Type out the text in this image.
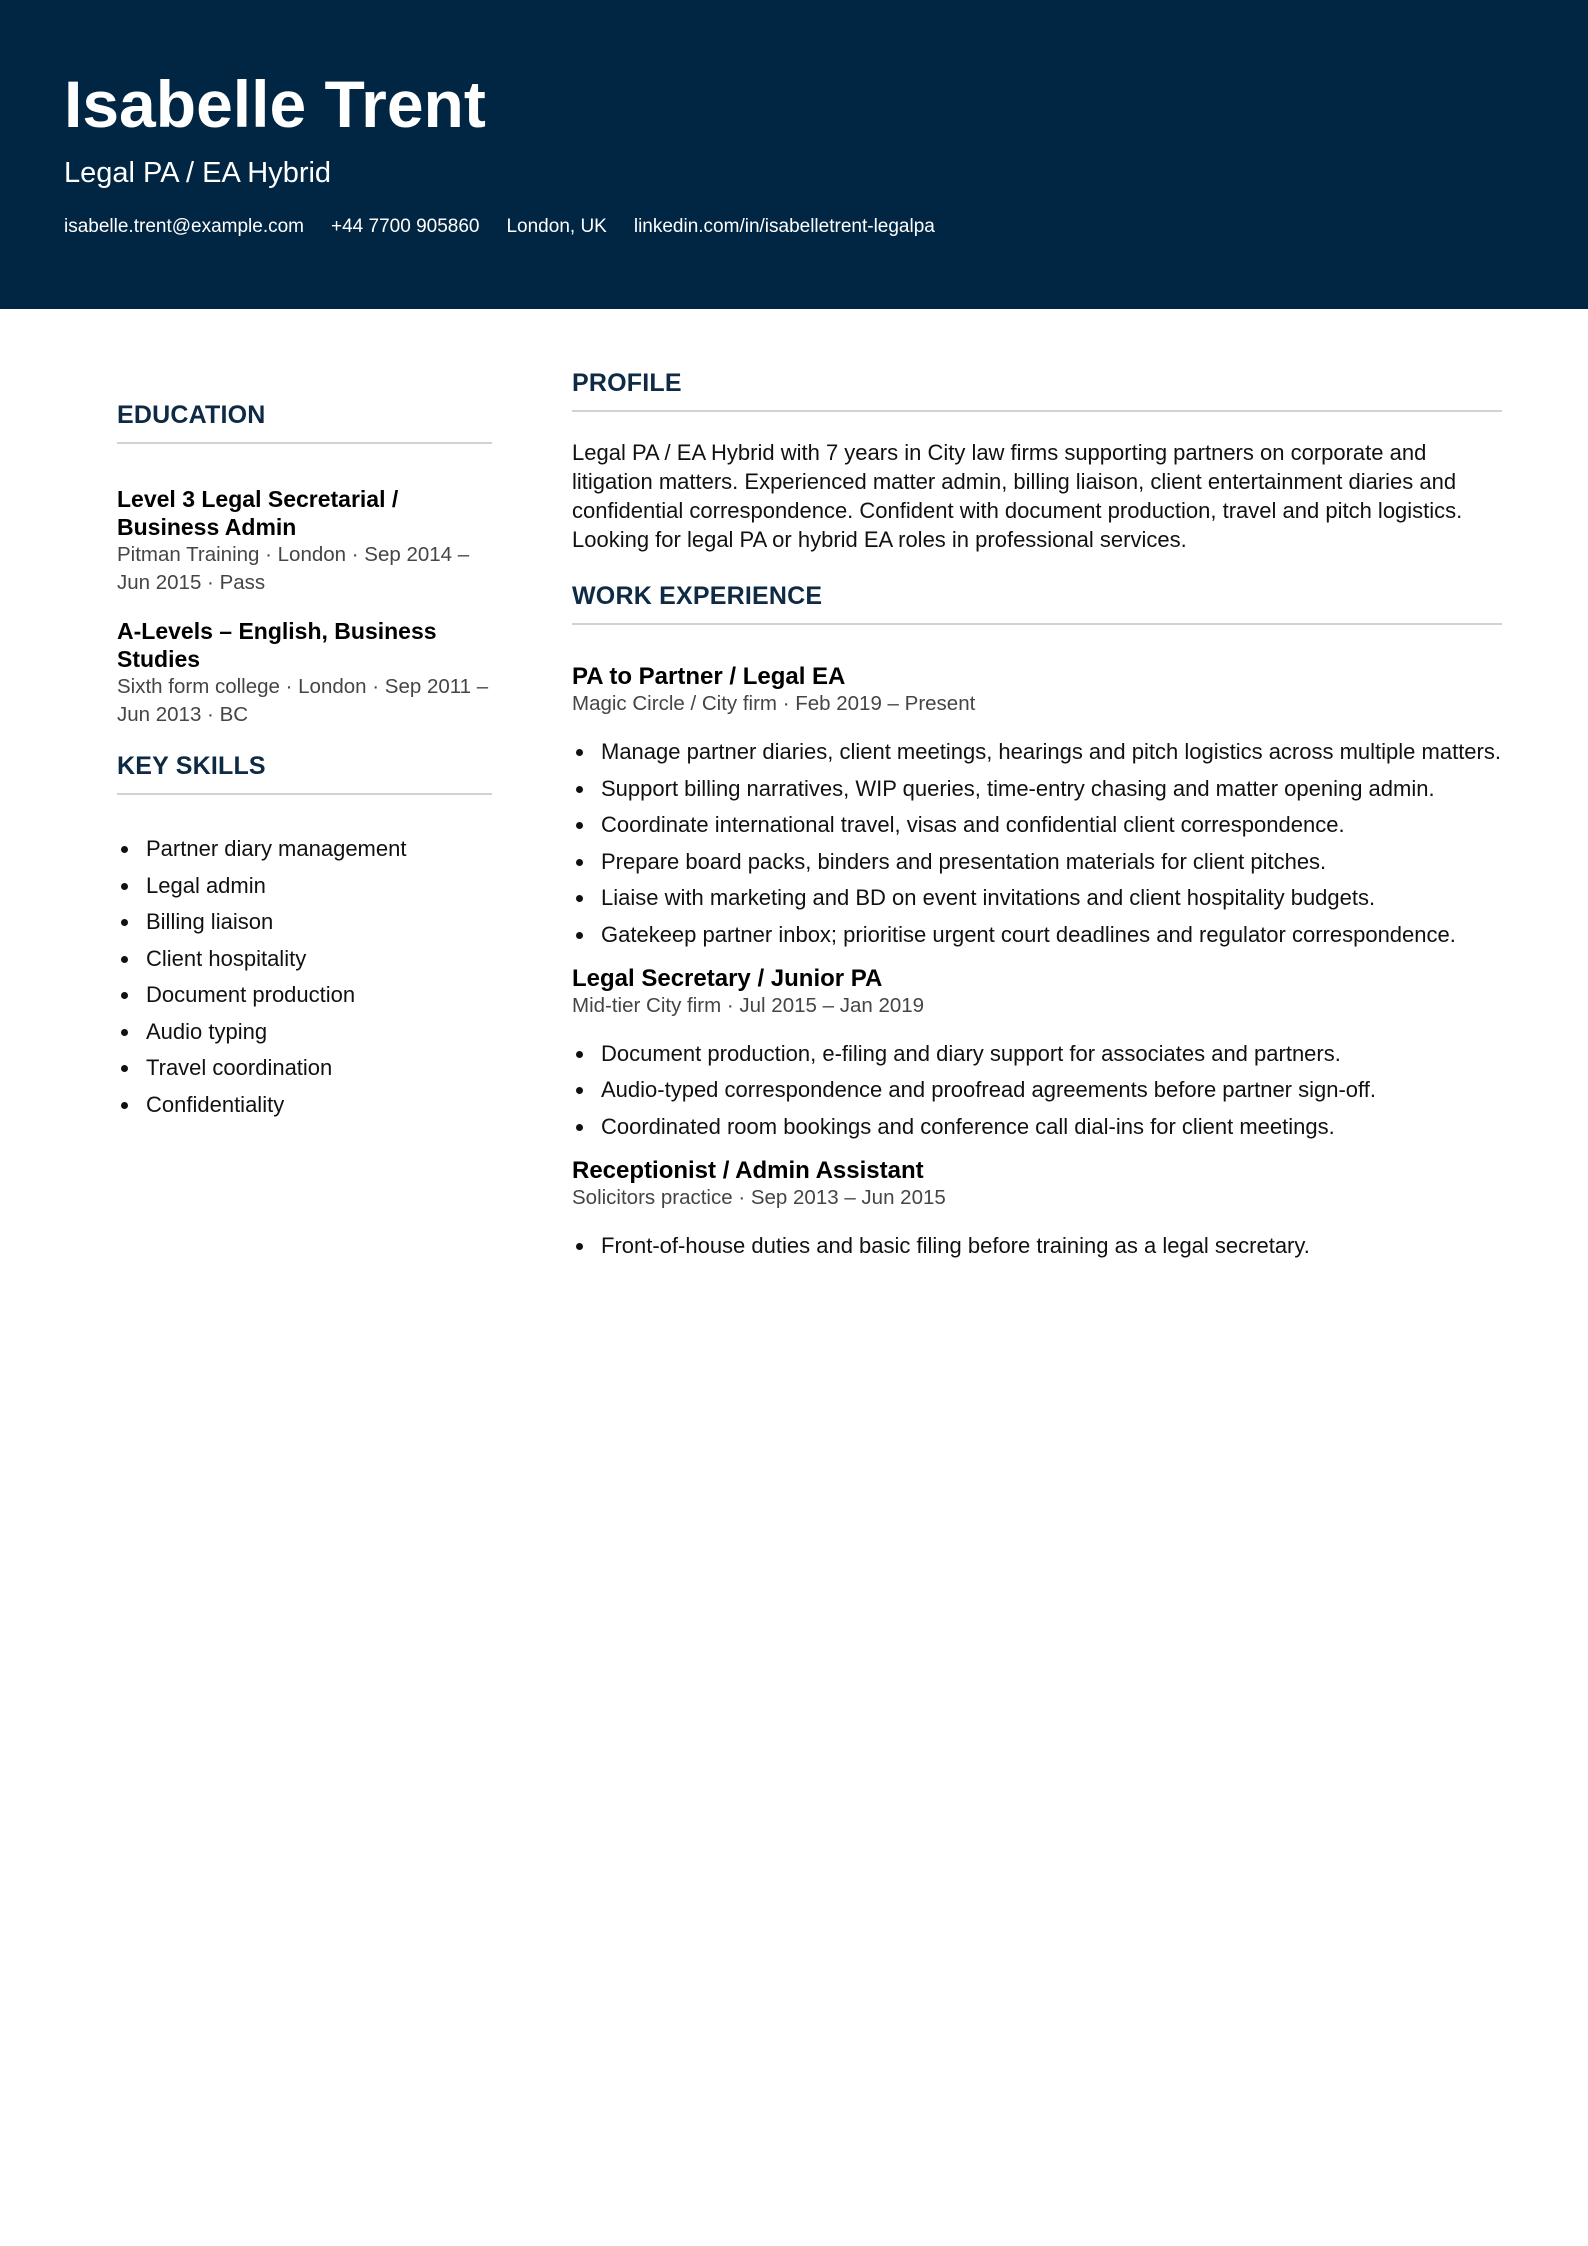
Isabelle Trent
Legal PA / EA Hybrid
isabelle.trent@example.com +44 7700 905860 London, UK linkedin.com/in/isabelletrent-legalpa
EDUCATION
Level 3 Legal Secretarial / Business Admin
Pitman Training · London · Sep 2014 – Jun 2015 · Pass
A-Levels – English, Business Studies
Sixth form college · London · Sep 2011 – Jun 2013 · BC
KEY SKILLS
Partner diary management
Legal admin
Billing liaison
Client hospitality
Document production
Audio typing
Travel coordination
Confidentiality
PROFILE

Legal PA / EA Hybrid with 7 years in City law firms supporting partners on corporate and litigation matters. Experienced matter admin, billing liaison, client entertainment diaries and confidential correspondence. Confident with document production, travel and pitch logistics. Looking for legal PA or hybrid EA roles in professional services.

WORK EXPERIENCE
PA to Partner / Legal EA
Magic Circle / City firm · Feb 2019 – Present
Manage partner diaries, client meetings, hearings and pitch logistics across multiple matters.
Support billing narratives, WIP queries, time-entry chasing and matter opening admin.
Coordinate international travel, visas and confidential client correspondence.
Prepare board packs, binders and presentation materials for client pitches.
Liaise with marketing and BD on event invitations and client hospitality budgets.
Gatekeep partner inbox; prioritise urgent court deadlines and regulator correspondence.
Legal Secretary / Junior PA
Mid-tier City firm · Jul 2015 – Jan 2019
Document production, e-filing and diary support for associates and partners.
Audio-typed correspondence and proofread agreements before partner sign-off.
Coordinated room bookings and conference call dial-ins for client meetings.
Receptionist / Admin Assistant
Solicitors practice · Sep 2013 – Jun 2015
Front-of-house duties and basic filing before training as a legal secretary.
